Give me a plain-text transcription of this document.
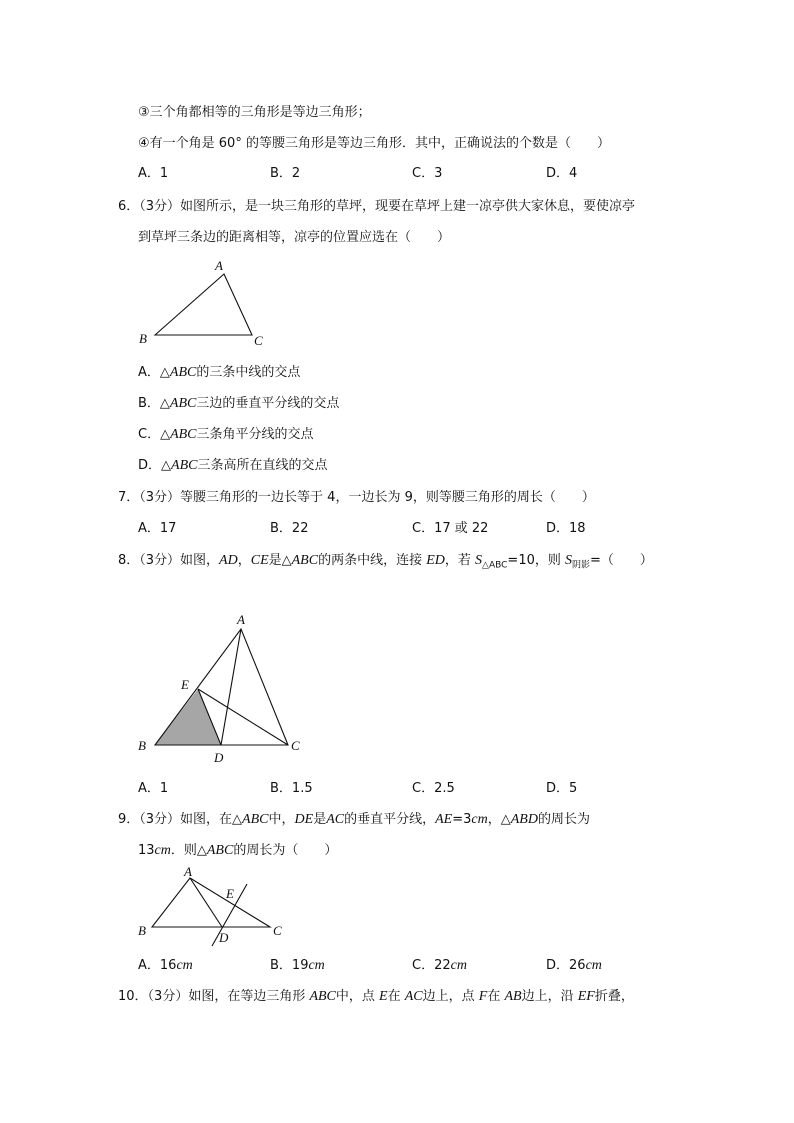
③三个角都相等的三角形是等边三角形；
④有一个角是 60° 的等腰三角形是等边三角形．其中，正确说法的个数是（　　）
A．1	B．2	C．3	D．4
6．（3分）如图所示，是一块三角形的草坪，现要在草坪上建一凉亭供大家休息，要使凉亭
到草坪三条边的距离相等，凉亭的位置应选在（　　）
A
B	C
A．△ABC的三条中线的交点
B．△ABC三边的垂直平分线的交点
C．△ABC三条角平分线的交点
D．△ABC三条高所在直线的交点
7．（3分）等腰三角形的一边长等于 4，一边长为 9，则等腰三角形的周长（　　）
A．17	B．22	C．17 或 22	D．18
8．（3分）如图，AD，CE是△ABC的两条中线，连接 ED，若 $S_{\triangle ABC}=10$，则 $S_{阴影}=$（　　）
A
B	C
D
E
A．1	B．1.5	C．2.5	D．5
9．（3分）如图，在△ABC中，DE是AC的垂直平分线，AE=3cm，△ABD的周长为
13cm．则△ABC的周长为（　　）
A
B	C
D
E
A．16cm	B．19cm	C．22cm	D．26cm
10．（3分）如图，在等边三角形 ABC中，点 E在 AC边上，点 F在 AB边上，沿 EF折叠，
